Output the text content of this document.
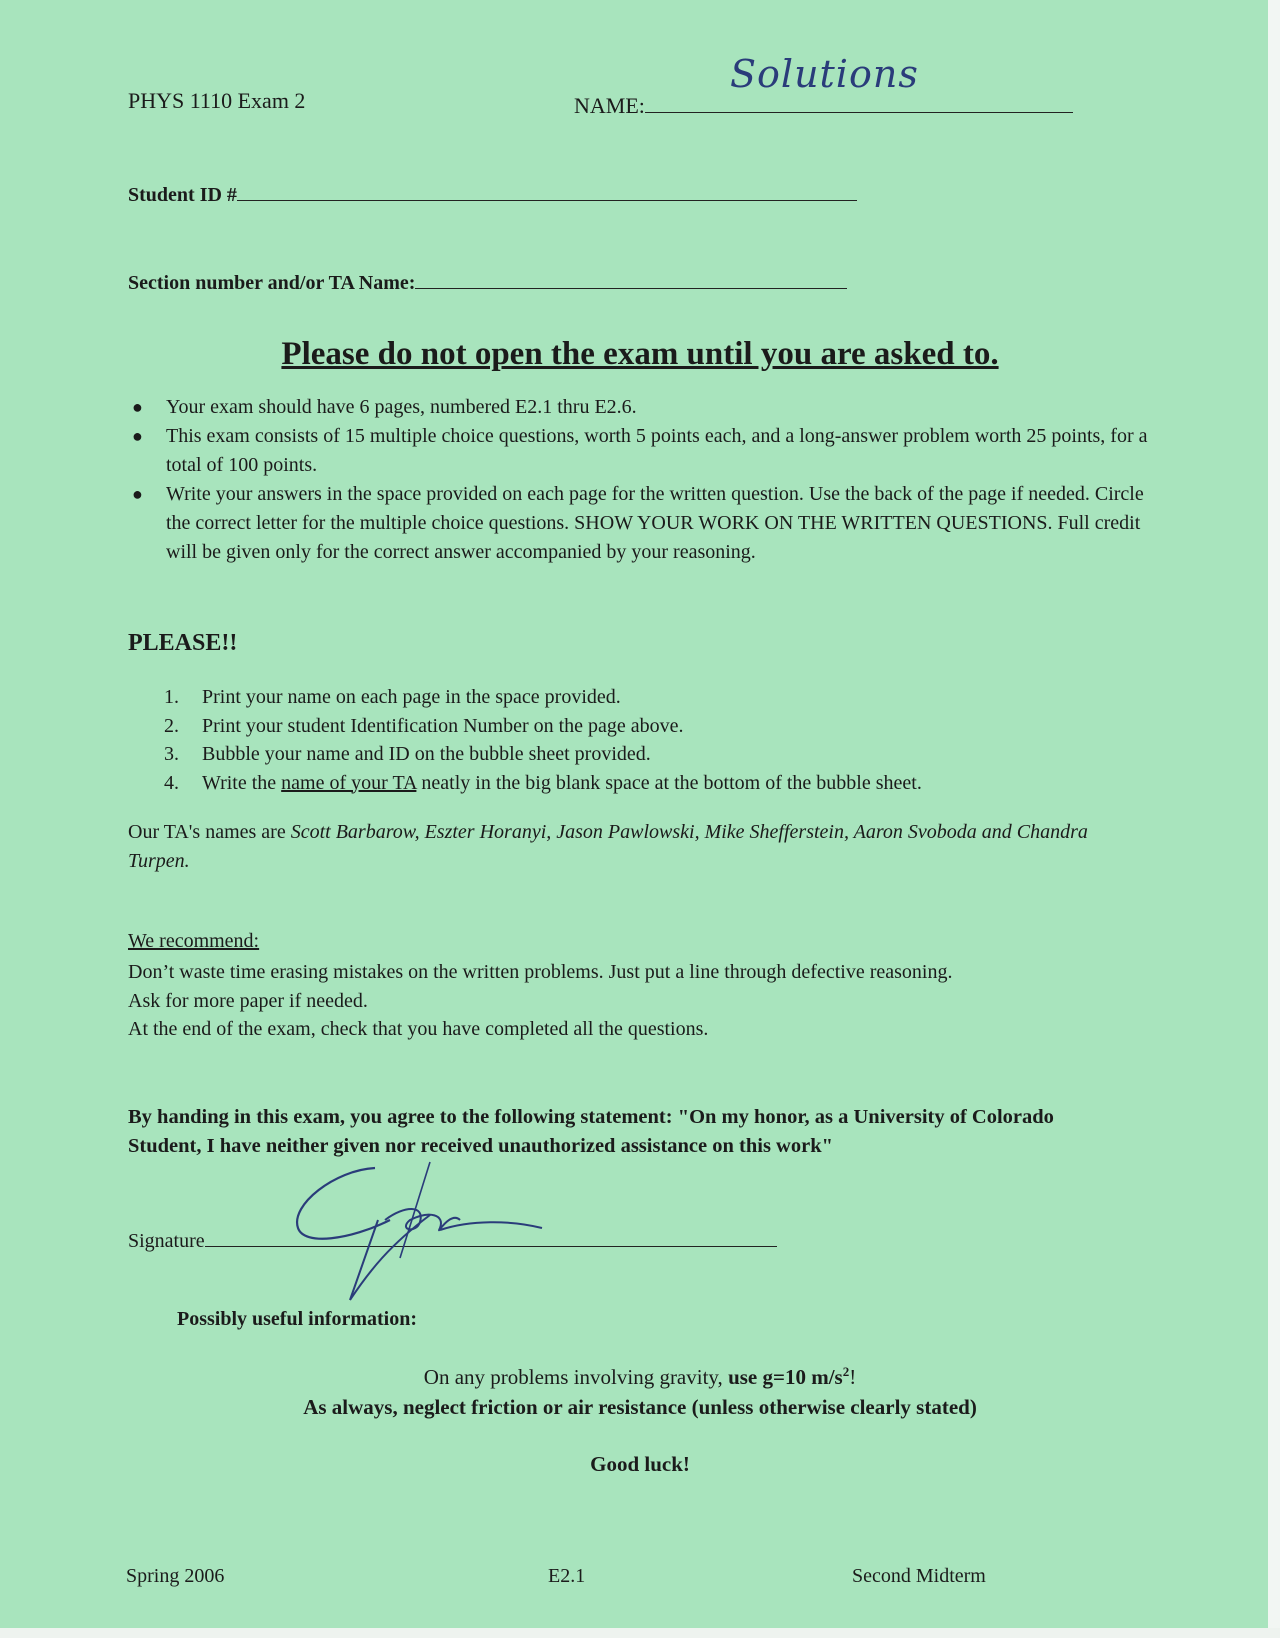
PHYS 1110 Exam 2	NAME:
Solutions
Student ID #
Section number and/or TA Name:
Please do not open the exam until you are asked to.
● Your exam should have 6 pages, numbered E2.1 thru E2.6.
● This exam consists of 15 multiple choice questions, worth 5 points each, and a long-answer problem worth 25 points, for a total of 100 points.
● Write your answers in the space provided on each page for the written question. Use the back of the page if needed. Circle the correct letter for the multiple choice questions. SHOW YOUR WORK ON THE WRITTEN QUESTIONS. Full credit will be given only for the correct answer accompanied by your reasoning.
PLEASE!!
1. Print your name on each page in the space provided.
2. Print your student Identification Number on the page above.
3. Bubble your name and ID on the bubble sheet provided.
4. Write the name of your TA neatly in the big blank space at the bottom of the bubble sheet.
Our TA's names are Scott Barbarow, Eszter Horanyi, Jason Pawlowski, Mike Shefferstein, Aaron Svoboda and Chandra Turpen.
We recommend:
Don’t waste time erasing mistakes on the written problems. Just put a line through defective reasoning.
Ask for more paper if needed.
At the end of the exam, check that you have completed all the questions.
By handing in this exam, you agree to the following statement: "On my honor, as a University of Colorado Student, I have neither given nor received unauthorized assistance on this work"
Signature
Possibly useful information:
On any problems involving gravity, use g=10 $m/s^2$!
As always, neglect friction or air resistance (unless otherwise clearly stated)
Good luck!
Spring 2006	E2.1	Second Midterm
